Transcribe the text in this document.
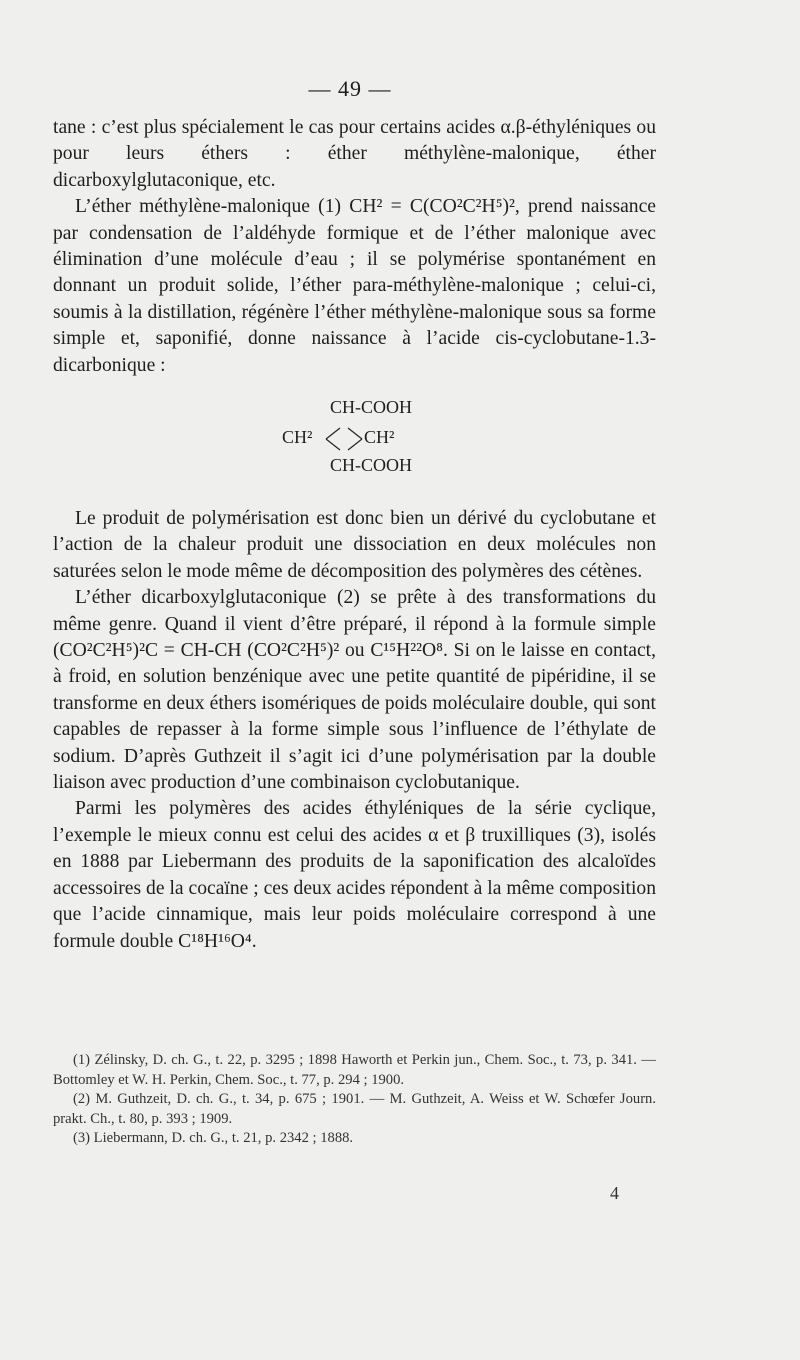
— 49 —

tane : c’est plus spécialement le cas pour certains acides α.β-éthyléniques ou pour leurs éthers : éther méthylène-malonique, éther dicarboxylglutaconique, etc.

L’éther méthylène-malonique (1) CH² = C(CO²C²H⁵)², prend naissance par condensation de l’aldéhyde formique et de l’éther malonique avec élimination d’une molécule d’eau ; il se polymérise spontanément en donnant un produit solide, l’éther para-méthylène-malonique ; celui-ci, soumis à la distillation, régénère l’éther méthylène-malonique sous sa forme simple et, saponifié, donne naissance à l’acide cis-cyclobutane-1.3-dicarbonique :

CH-COOH
CH²	CH²
CH-COOH

Le produit de polymérisation est donc bien un dérivé du cyclobutane et l’action de la chaleur produit une dissociation en deux molécules non saturées selon le mode même de décomposition des polymères des cétènes.

L’éther dicarboxylglutaconique (2) se prête à des transformations du même genre. Quand il vient d’être préparé, il répond à la formule simple (CO²C²H⁵)²C = CH-CH (CO²C²H⁵)² ou C¹⁵H²²O⁸. Si on le laisse en contact, à froid, en solution benzénique avec une petite quantité de pipéridine, il se transforme en deux éthers isomériques de poids moléculaire double, qui sont capables de repasser à la forme simple sous l’influence de l’éthylate de sodium. D’après Guthzeit il s’agit ici d’une polymérisation par la double liaison avec production d’une combinaison cyclobutanique.

Parmi les polymères des acides éthyléniques de la série cyclique, l’exemple le mieux connu est celui des acides α et β truxilliques (3), isolés en 1888 par Liebermann des produits de la saponification des alcaloïdes accessoires de la cocaïne ; ces deux acides répondent à la même composition que l’acide cinnamique, mais leur poids moléculaire correspond à une formule double C¹⁸H¹⁶O⁴.

(1) Zélinsky, D. ch. G., t. 22, p. 3295 ; 1898 Haworth et Perkin jun., Chem. Soc., t. 73, p. 341. — Bottomley et W. H. Perkin, Chem. Soc., t. 77, p. 294 ; 1900.

(2) M. Guthzeit, D. ch. G., t. 34, p. 675 ; 1901. — M. Guthzeit, A. Weiss et W. Schœfer Journ. prakt. Ch., t. 80, p. 393 ; 1909.

(3) Liebermann, D. ch. G., t. 21, p. 2342 ; 1888.

4
